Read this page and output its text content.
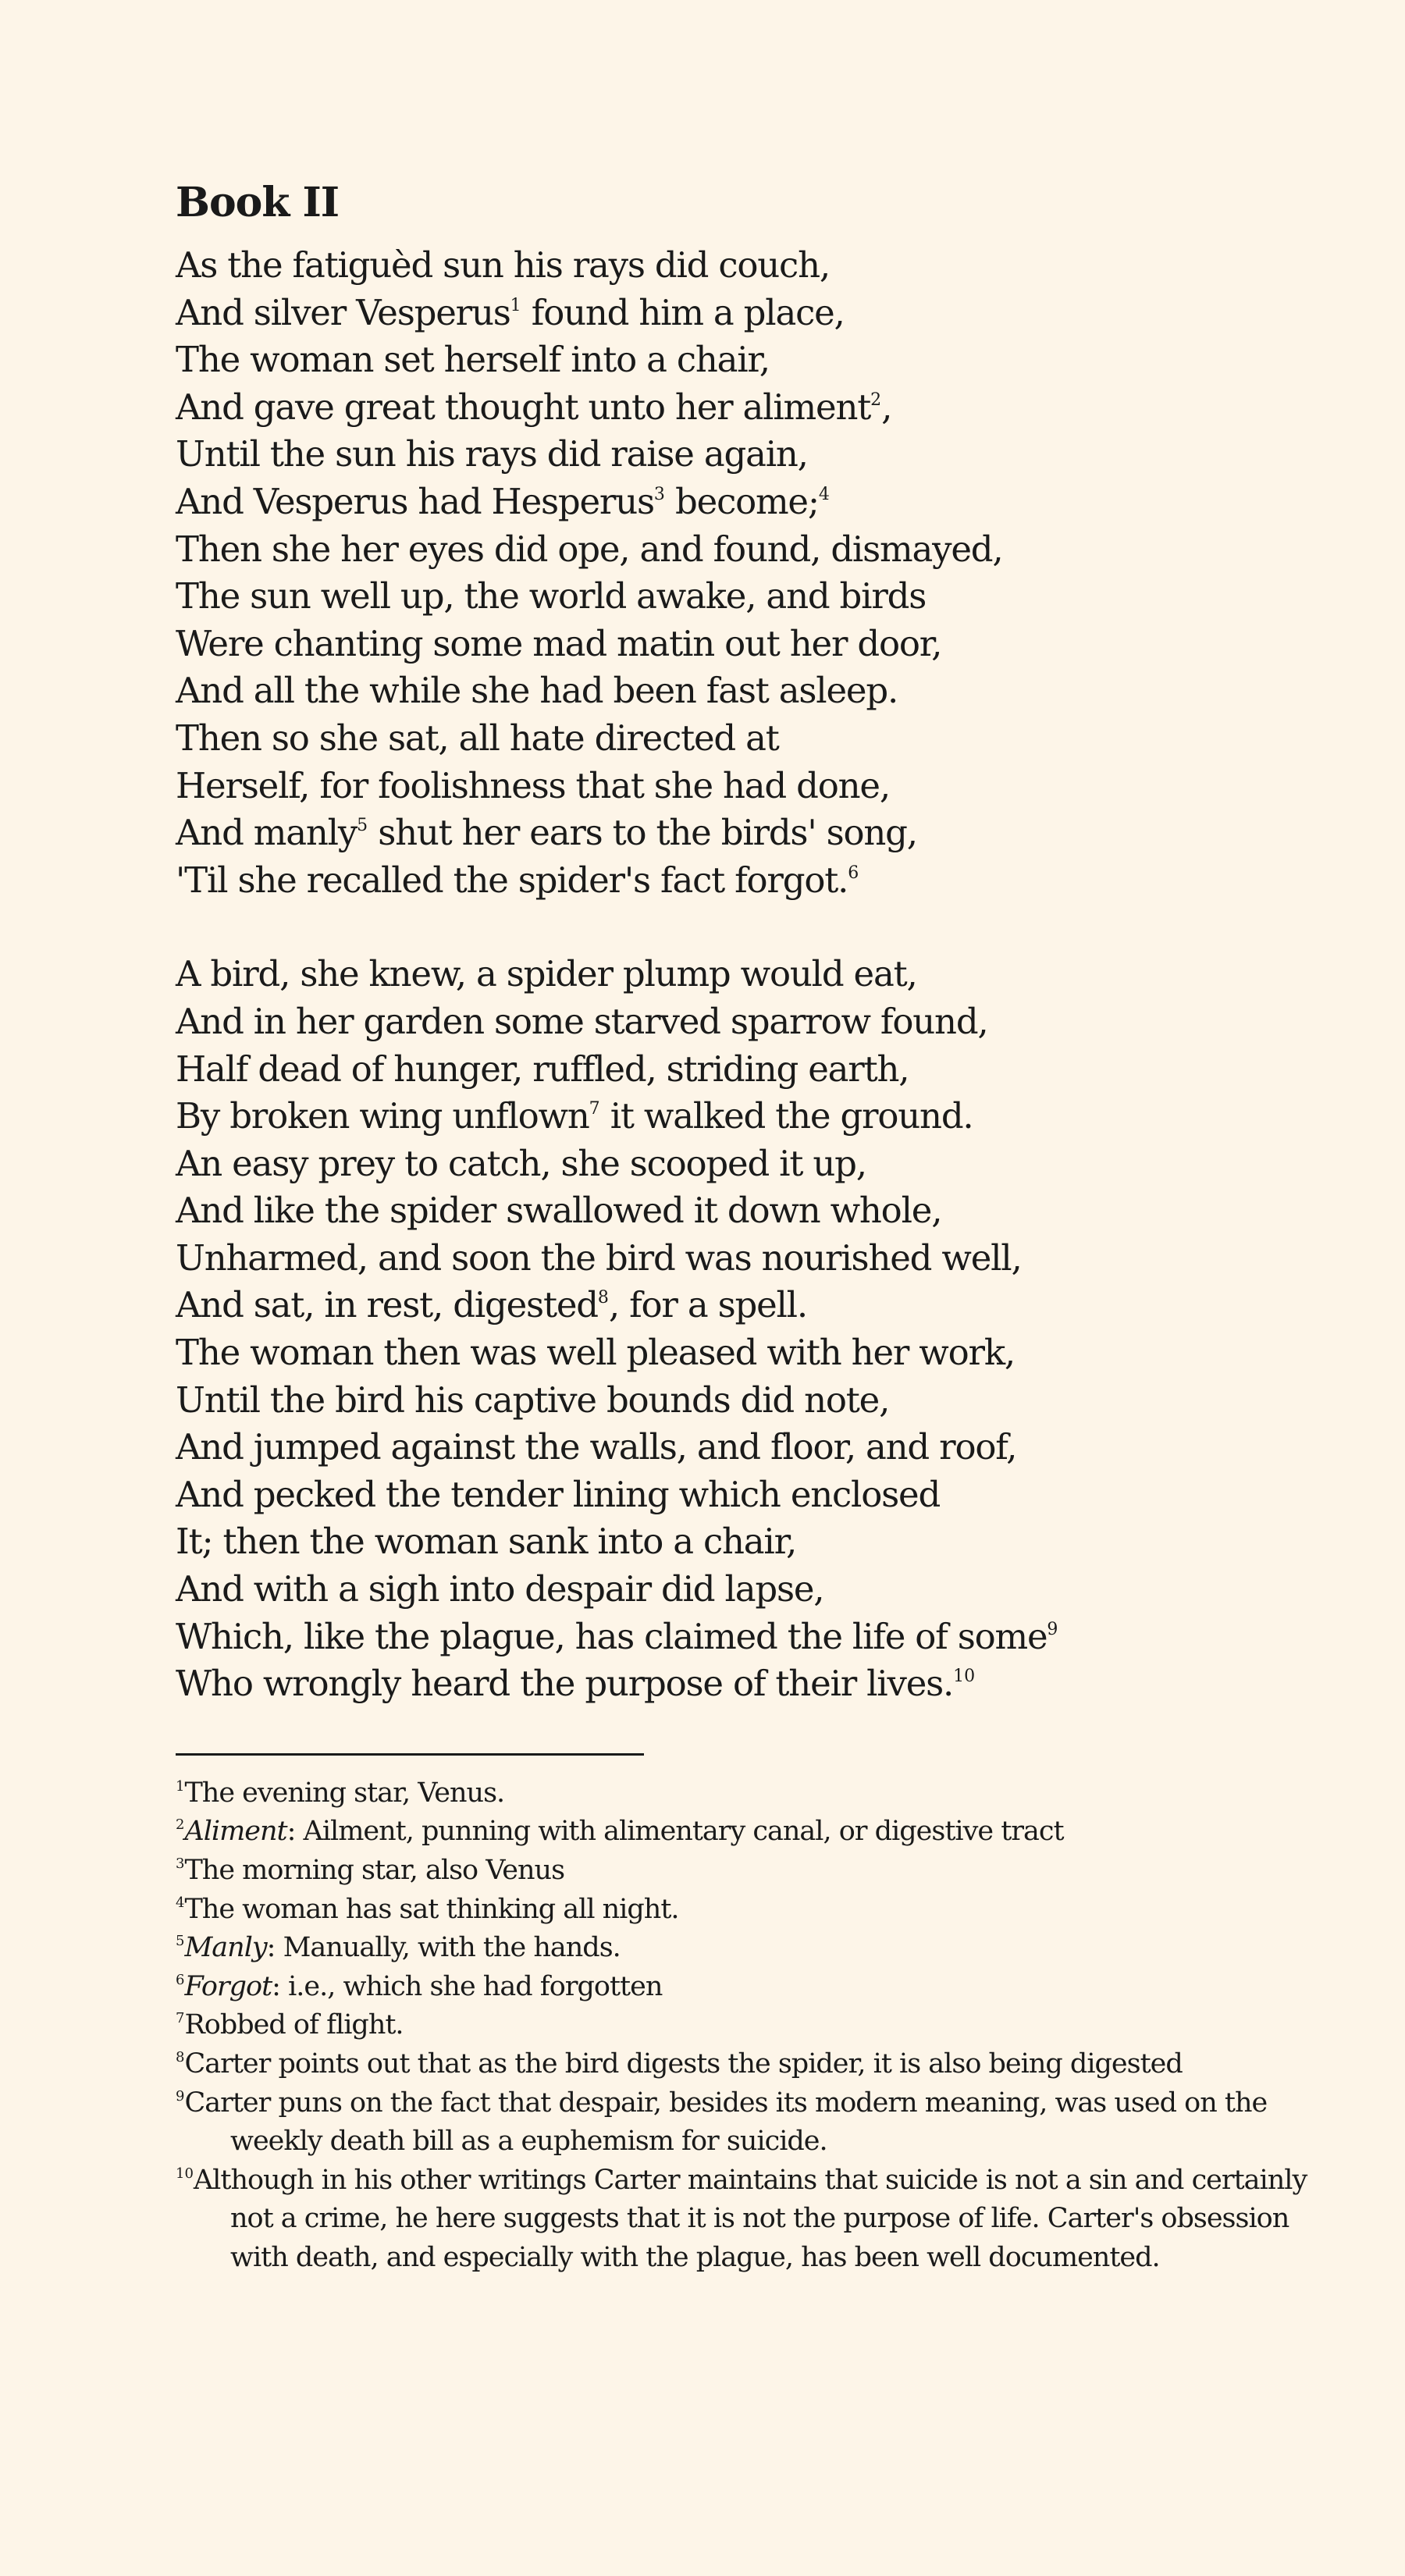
Book II
As the fatiguèd sun his rays did couch,
And silver Vesperus$^1$ found him a place,
The woman set herself into a chair,
And gave great thought unto her aliment$^2$,
Until the sun his rays did raise again,
And Vesperus had Hesperus$^3$ become;$^4$
Then she her eyes did ope, and found, dismayed,
The sun well up, the world awake, and birds
Were chanting some mad matin out her door,
And all the while she had been fast asleep.
Then so she sat, all hate directed at
Herself, for foolishness that she had done,
And manly$^5$ shut her ears to the birds' song,
'Til she recalled the spider's fact forgot.$^6$
A bird, she knew, a spider plump would eat,
And in her garden some starved sparrow found,
Half dead of hunger, ruffled, striding earth,
By broken wing unflown$^7$ it walked the ground.
An easy prey to catch, she scooped it up,
And like the spider swallowed it down whole,
Unharmed, and soon the bird was nourished well,
And sat, in rest, digested$^8$, for a spell.
The woman then was well pleased with her work,
Until the bird his captive bounds did note,
And jumped against the walls, and floor, and roof,
And pecked the tender lining which enclosed
It; then the woman sank into a chair,
And with a sigh into despair did lapse,
Which, like the plague, has claimed the life of some$^9$
Who wrongly heard the purpose of their lives.$^{10}$
$^1$The evening star, Venus.
$^2$Aliment: Ailment, punning with alimentary canal, or digestive tract
$^3$The morning star, also Venus
$^4$The woman has sat thinking all night.
$^5$Manly: Manually, with the hands.
$^6$Forgot: i.e., which she had forgotten
$^7$Robbed of flight.
$^8$Carter points out that as the bird digests the spider, it is also being digested
$^9$Carter puns on the fact that despair, besides its modern meaning, was used on the weekly death bill as a euphemism for suicide.
$^{10}$Although in his other writings Carter maintains that suicide is not a sin and certainly not a crime, he here suggests that it is not the purpose of life. Carter's obsession with death, and especially with the plague, has been well documented.
